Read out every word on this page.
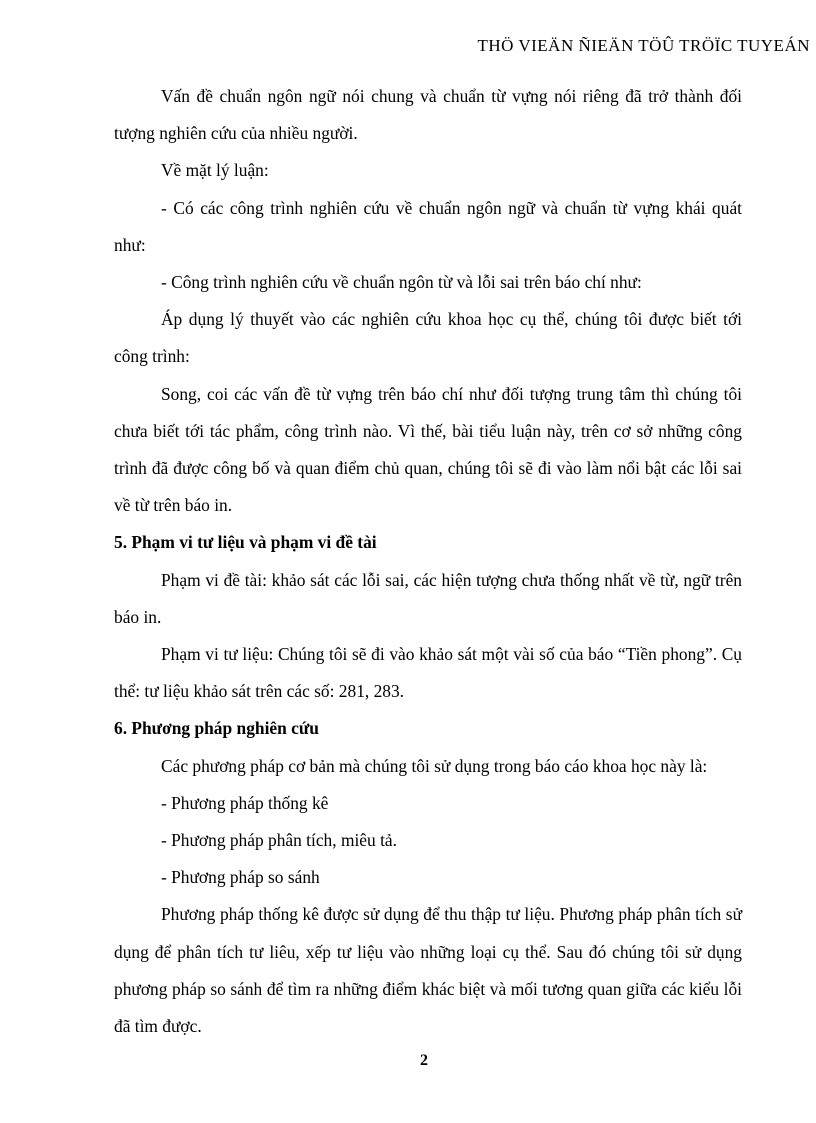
THÖ VIEÄN ÑIEÄN TÖÛ TRÖÏC TUYEÁN

Vấn đề chuẩn ngôn ngữ nói chung và chuẩn từ vựng nói riêng đã trở thành đối tượng nghiên cứu của nhiều người.

Về mặt lý luận:

- Có các công trình nghiên cứu về chuẩn ngôn ngữ và chuẩn từ vựng khái quát như:

- Công trình nghiên cứu về chuẩn ngôn từ và lỗi sai trên báo chí như:

Áp dụng lý thuyết vào các nghiên cứu khoa học cụ thể, chúng tôi được biết tới công trình:

Song, coi các vấn đề từ vựng trên báo chí như đối tượng trung tâm thì chúng tôi chưa biết tới tác phẩm, công trình nào. Vì thế, bài tiểu luận này, trên cơ sở những công trình đã được công bố và quan điểm chủ quan, chúng tôi sẽ đi vào làm nổi bật các lỗi sai về từ trên báo in.

5. Phạm vi tư liệu và phạm vi đề tài

Phạm vi đề tài: khảo sát các lỗi sai, các hiện tượng chưa thống nhất về từ, ngữ trên báo in.

Phạm vi tư liệu: Chúng tôi sẽ đi vào khảo sát một vài số của báo “Tiền phong”. Cụ thể: tư liệu khảo sát trên các số: 281, 283.

6. Phương pháp nghiên cứu

Các phương pháp cơ bản mà chúng tôi sử dụng trong báo cáo khoa học này là:

- Phương pháp thống kê

- Phương pháp phân tích, miêu tả.

- Phương pháp so sánh

Phương pháp thống kê được sử dụng để thu thập tư liệu. Phương pháp phân tích sử dụng để phân tích tư liêu, xếp tư liệu vào những loại cụ thể. Sau đó chúng tôi sử dụng phương pháp so sánh để tìm ra những điểm khác biệt và mối tương quan giữa các kiểu lỗi đã tìm được.

2
